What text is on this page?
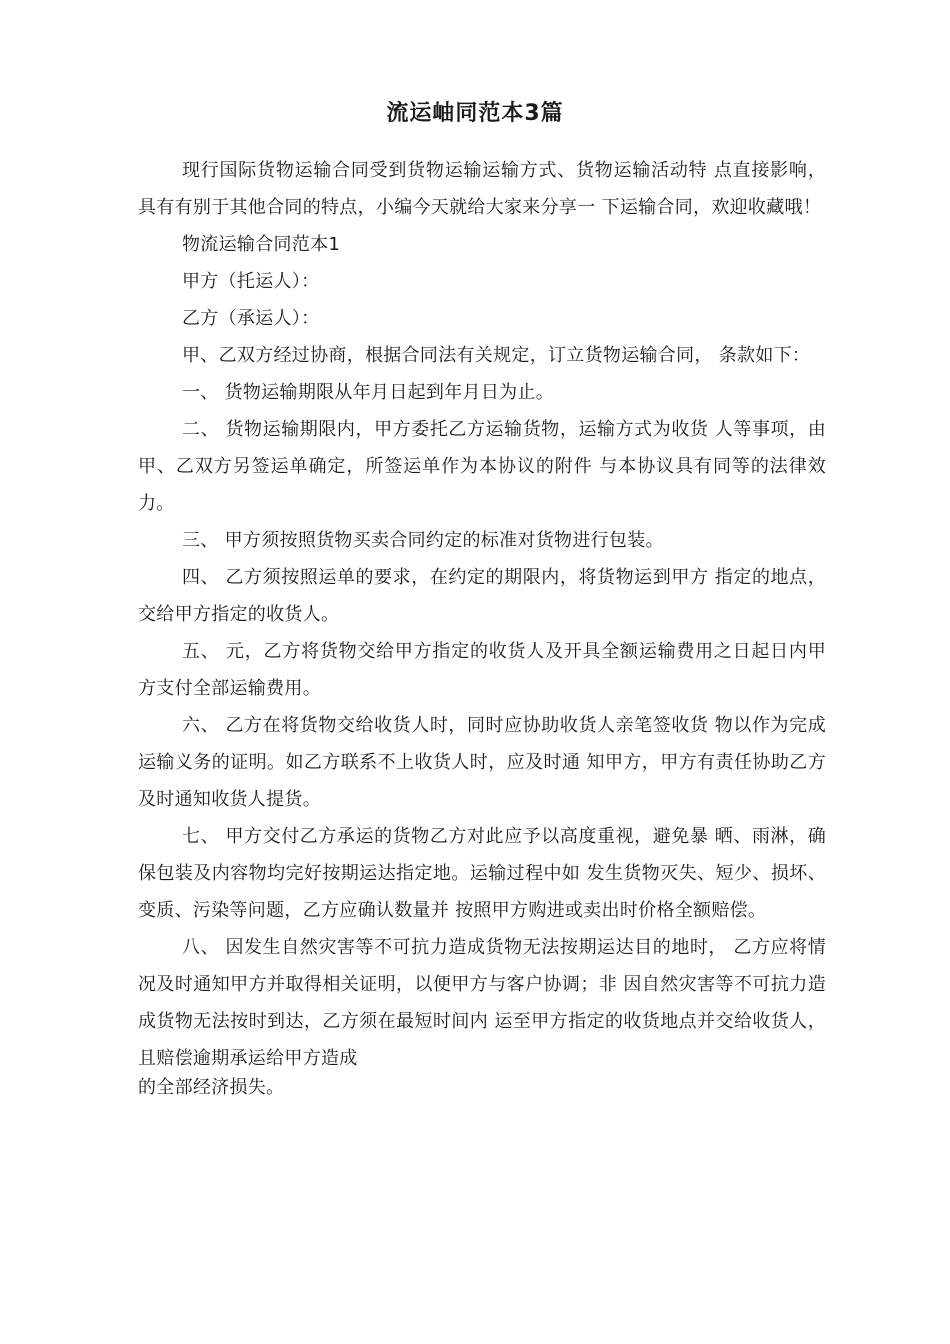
流运岫同范本3篇

现行国际货物运输合同受到货物运输运输方式、货物运输活动特 点直接影响，具有有别于其他合同的特点，小编今天就给大家来分享一 下运输合同，欢迎收藏哦！

物流运输合同范本1

甲方（托运人）：

乙方（承运人）：

甲、乙双方经过协商，根据合同法有关规定，订立货物运输合同， 条款如下：

一、 货物运输期限从年月日起到年月日为止。

二、 货物运输期限内，甲方委托乙方运输货物，运输方式为收货 人等事项，由甲、乙双方另签运单确定，所签运单作为本协议的附件 与本协议具有同等的法律效力。

三、 甲方须按照货物买卖合同约定的标准对货物进行包装。

四、 乙方须按照运单的要求，在约定的期限内，将货物运到甲方 指定的地点，交给甲方指定的收货人。

五、 元，乙方将货物交给甲方指定的收货人及开具全额运输费用之日起日内甲方支付全部运输费用。

六、 乙方在将货物交给收货人时，同时应协助收货人亲笔签收货 物以作为完成运输义务的证明。如乙方联系不上收货人时，应及时通 知甲方，甲方有责任协助乙方及时通知收货人提货。

七、 甲方交付乙方承运的货物乙方对此应予以高度重视，避免暴 晒、雨淋，确保包装及内容物均完好按期运达指定地。运输过程中如 发生货物灭失、短少、损坏、变质、污染等问题，乙方应确认数量并 按照甲方购进或卖出时价格全额赔偿。

八、 因发生自然灾害等不可抗力造成货物无法按期运达目的地时， 乙方应将情况及时通知甲方并取得相关证明，以便甲方与客户协调；非 因自然灾害等不可抗力造成货物无法按时到达，乙方须在最短时间内 运至甲方指定的收货地点并交给收货人，且赔偿逾期承运给甲方造成

的全部经济损失。
